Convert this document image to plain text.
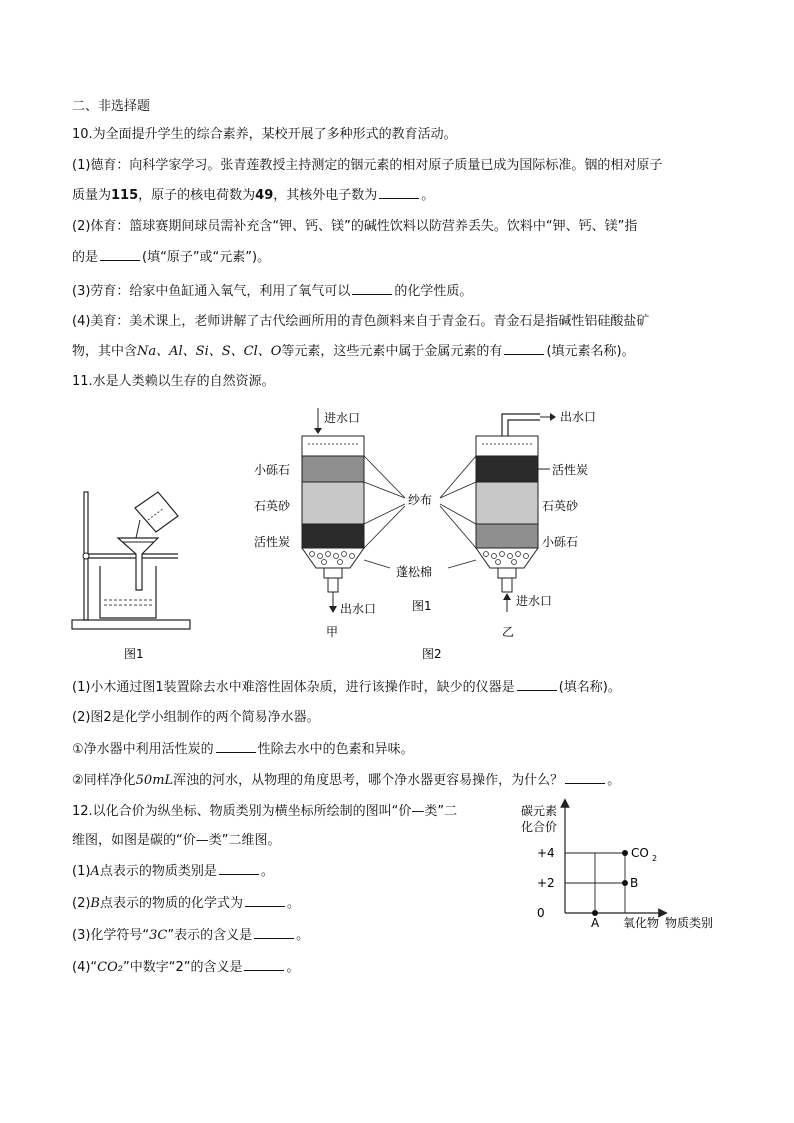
二、非选择题
10.为全面提升学生的综合素养，某校开展了多种形式的教育活动。
(1)德育：向科学家学习。张青莲教授主持测定的铟元素的相对原子质量已成为国际标准。铟的相对原子
质量为115，原子的核电荷数为49，其核外电子数为	。
(2)体育：篮球赛期间球员需补充含“钾、钙、镁”的碱性饮料以防营养丢失。饮料中“钾、钙、镁”指
的是	(填“原子”或“元素”)。
(3)劳育：给家中鱼缸通入氧气，利用了氧气可以	的化学性质。
(4)美育：美术课上，老师讲解了古代绘画所用的青色颜料来自于青金石。青金石是指碱性铝硅酸盐矿
物，其中含Na、Al、Si、S、Cl、O等元素，这些元素中属于金属元素的有	(填元素名称)。
11.水是人类赖以生存的自然资源。
图1
进水口
出水口
甲
小砾石
石英砂
活性炭
出水口
进水口
乙
活性炭
石英砂
小砾石
纱布
蓬松棉
图1
图2
(1)小木通过图1装置除去水中难溶性固体杂质，进行该操作时，缺少的仪器是	(填名称)。
(2)图2是化学小组制作的两个简易净水器。
①净水器中利用活性炭的	性除去水中的色素和异味。
②同样净化50mL浑浊的河水，从物理的角度思考，哪个净水器更容易操作，为什么？	。
12.以化合价为纵坐标、物质类别为横坐标所绘制的图叫“价—类”二
维图，如图是碳的“价—类”二维图。
(1)A点表示的物质类别是	。
(2)B点表示的物质的化学式为	。
(3)化学符号“3C”表示的含义是	。
(4)“CO₂”中数字“2”的含义是	。
碳元素
化合价
物质类别
+4
+2
0
A 氧化物
B
CO 2
